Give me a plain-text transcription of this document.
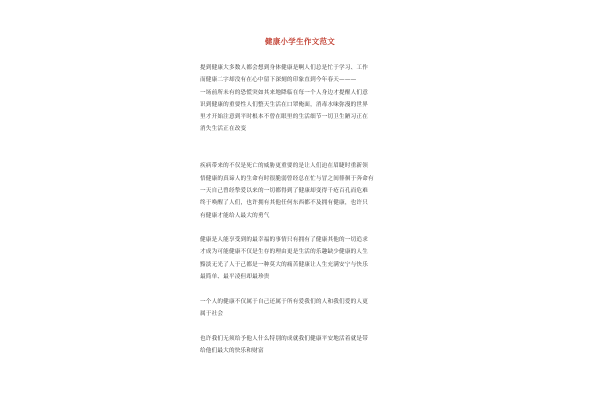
健康小学生作文范文

提到健康大多数人都会想到身体健康是啊人们总是忙于学习、工作
而健康二字却没有在心中留下深刻的印象直到今年春天———
一场前所未有的恐慌突如其来地降临在每一个人身边才提醒人们意
识到健康的重要性人们整天生活在口罩俺面，消毒水味弥漫的世界
里才开始注意到平时根本不曾在眼里的生活细节一切卫生陋习正在
消失生活正在改变

疾病带来的不仅是死亡的威胁更重要的是让人们迫在眉睫时重新领
悟健康的真谛人的生命有时很脆弱曾经总在忙与冒之间徘徊于奔命有
一天自己曾经挚爱以来的一切都得到了健康却变得千疮百孔而危难
终于唤醒了人们，也许拥有其他任何东西都不及拥有健康，也许只
有健康才能给人最大的勇气

健康是人能享受到的最幸福的事情只有拥有了健康其他的一切追求
才成为可能健康不仅是生存的理由更是生活的乐趣缺少健康的人生
黯淡无光了人于己都是一种莫大的痛苦健康让人生充满安宁与快乐
最简单、最平凌但却最珍贵

一个人的健康不仅属于自己还属于所有爱我们的人和我们爱的人更
属于社会

也许我们无须给予他人什么特别的成就我们健康平安地活着就是带
给他们最大的快乐和财富
